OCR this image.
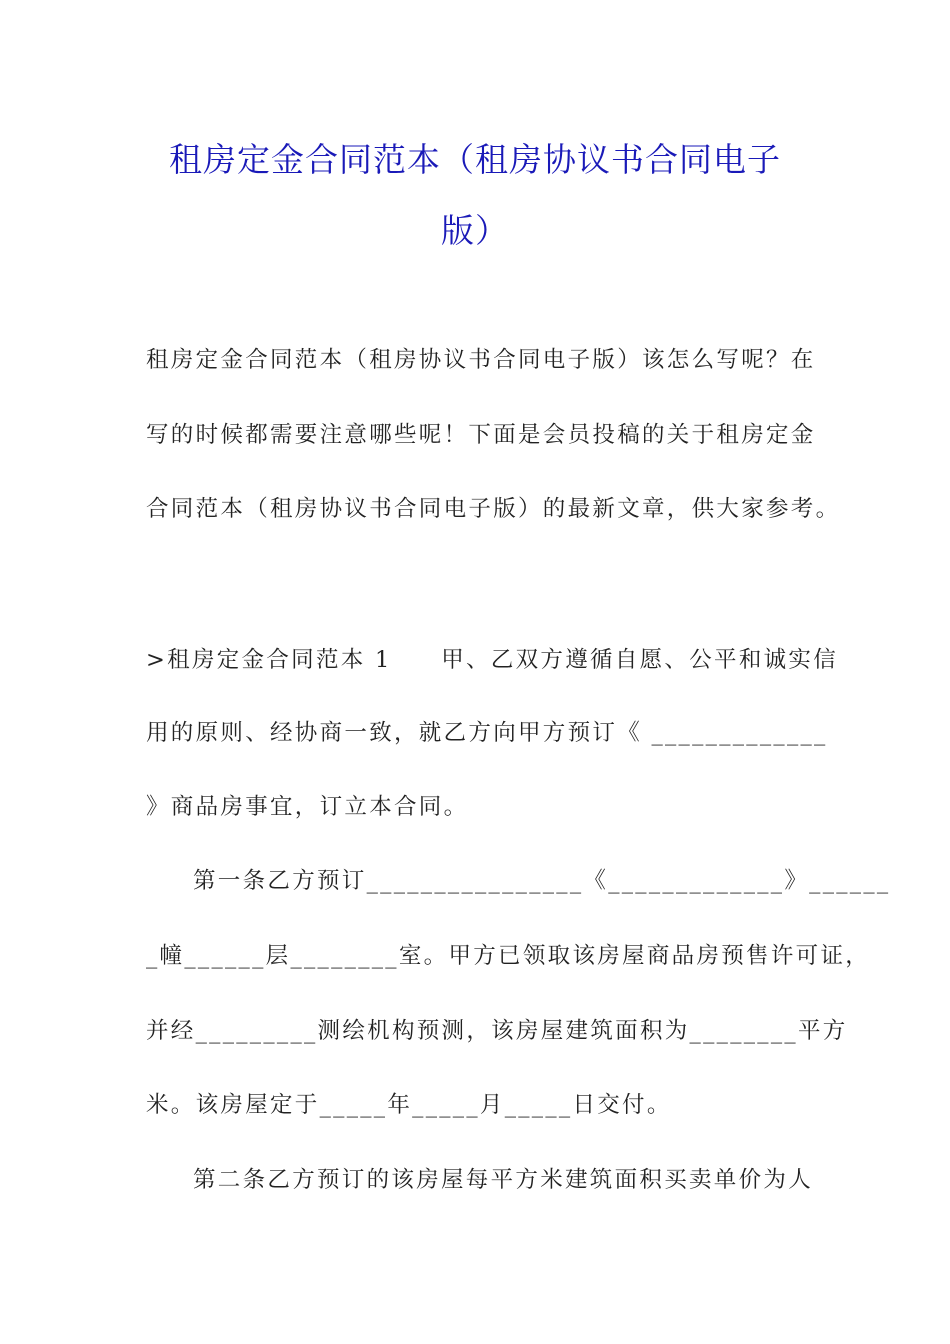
租房定金合同范本（租房协议书合同电子
版）
租房定金合同范本（租房协议书合同电子版）该怎么写呢？在
写的时候都需要注意哪些呢！下面是会员投稿的关于租房定金
合同范本（租房协议书合同电子版）的最新文章，供大家参考。
>租房定金合同范本 1　　甲、乙双方遵循自愿、公平和诚实信
用的原则、经协商一致，就乙方向甲方预订《 _____________
》商品房事宜，订立本合同。
第一条乙方预订________________《_____________》______
_幢______层________室。甲方已领取该房屋商品房预售许可证，
并经_________测绘机构预测，该房屋建筑面积为________平方
米。该房屋定于_____年_____月_____日交付。
第二条乙方预订的该房屋每平方米建筑面积买卖单价为人
